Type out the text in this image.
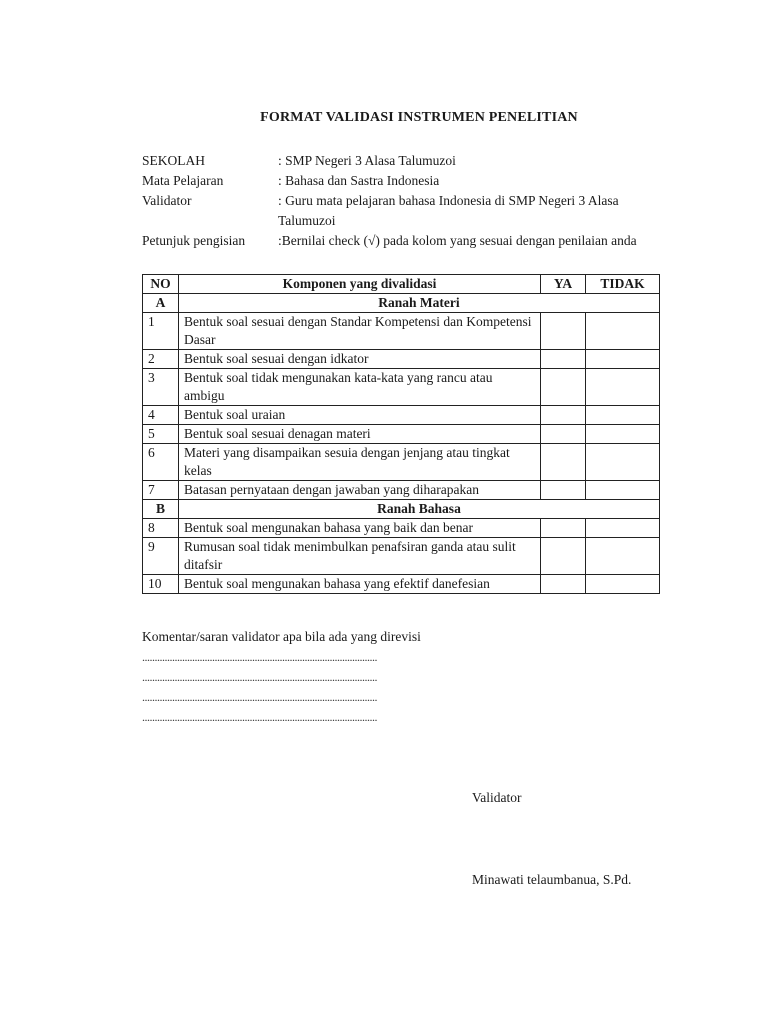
FORMAT VALIDASI INSTRUMEN PENELITIAN
SEKOLAH	: SMP Negeri 3 Alasa Talumuzoi
Mata Pelajaran	: Bahasa dan Sastra Indonesia
Validator	: Guru mata pelajaran bahasa Indonesia di SMP Negeri 3 Alasa Talumuzoi
Petunjuk pengisian	:Bernilai check (√) pada kolom yang sesuai dengan penilaian anda
NO	Komponen yang divalidasi	YA	TIDAK
A	Ranah Materi		
1	Bentuk soal sesuai dengan Standar Kompetensi dan Kompetensi Dasar		
2	Bentuk soal sesuai dengan idkator		
3	Bentuk soal tidak mengunakan kata-kata yang rancu atau ambigu		
4	Bentuk soal uraian		
5	Bentuk soal sesuai denagan materi		
6	Materi yang disampaikan sesuia dengan jenjang atau tingkat kelas		
7	Batasan pernyataan dengan jawaban yang diharapakan		
B	Ranah Bahasa		
8	Bentuk soal mengunakan bahasa yang baik dan benar		
9	Rumusan soal tidak menimbulkan penafsiran ganda atau sulit ditafsir		
10	Bentuk soal mengunakan bahasa yang efektif danefesian		
Komentar/saran validator apa bila ada yang direvisi
..............................................................................................
..............................................................................................
..............................................................................................
..............................................................................................
Validator
Minawati telaumbanua, S.Pd.
